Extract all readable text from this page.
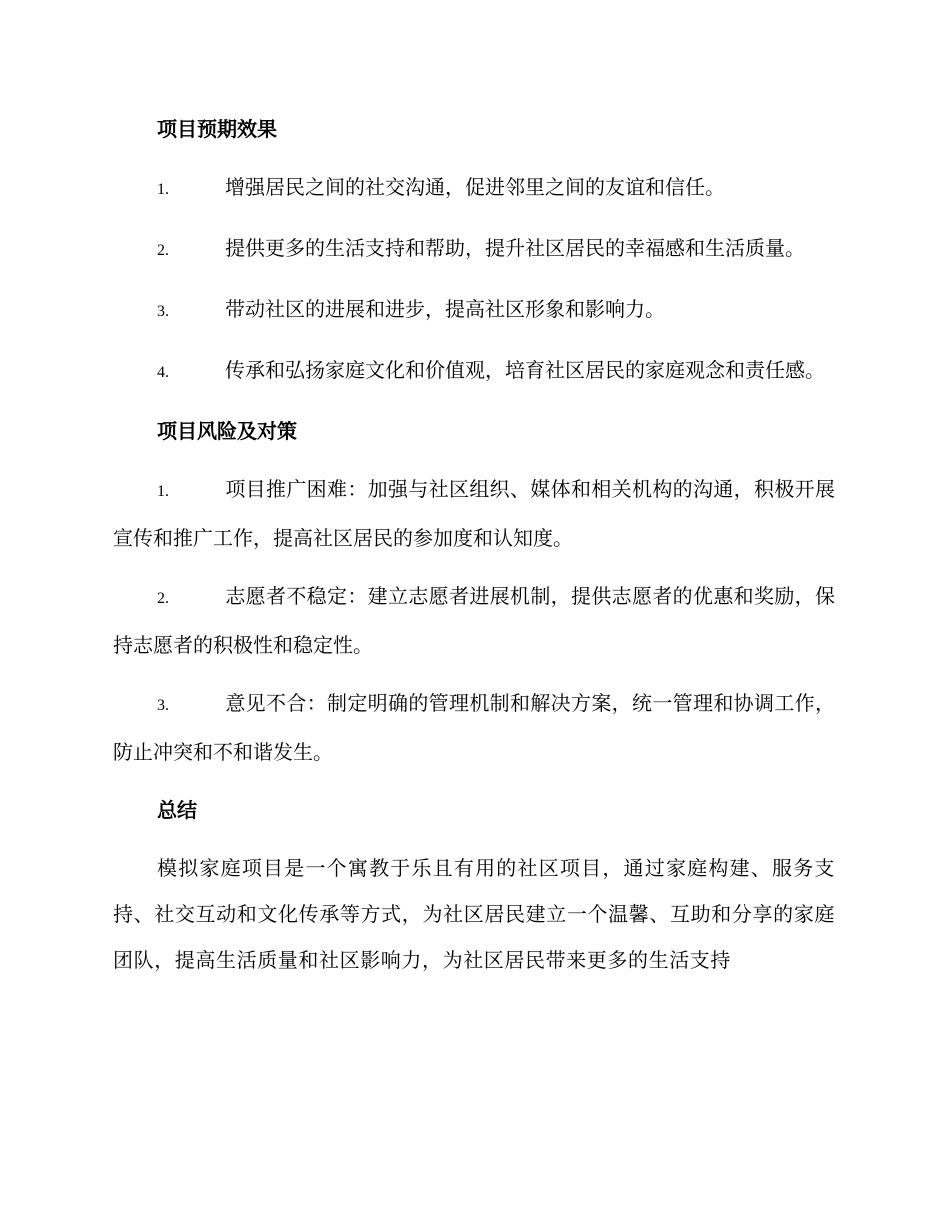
项目预期效果

1.	增强居民之间的社交沟通，促进邻里之间的友谊和信任。

2.	提供更多的生活支持和帮助，提升社区居民的幸福感和生活质量。

3.	带动社区的进展和进步，提高社区形象和影响力。

4.	传承和弘扬家庭文化和价值观，培育社区居民的家庭观念和责任感。

项目风险及对策

1.	项目推广困难：加强与社区组织、媒体和相关机构的沟通，积极开展宣传和推广工作，提高社区居民的参加度和认知度。

2.	志愿者不稳定：建立志愿者进展机制，提供志愿者的优惠和奖励，保持志愿者的积极性和稳定性。

3.	意见不合：制定明确的管理机制和解决方案，统一管理和协调工作，防止冲突和不和谐发生。

总结

模拟家庭项目是一个寓教于乐且有用的社区项目，通过家庭构建、服务支持、社交互动和文化传承等方式，为社区居民建立一个温馨、互助和分享的家庭团队，提高生活质量和社区影响力，为社区居民带来更多的生活支持
